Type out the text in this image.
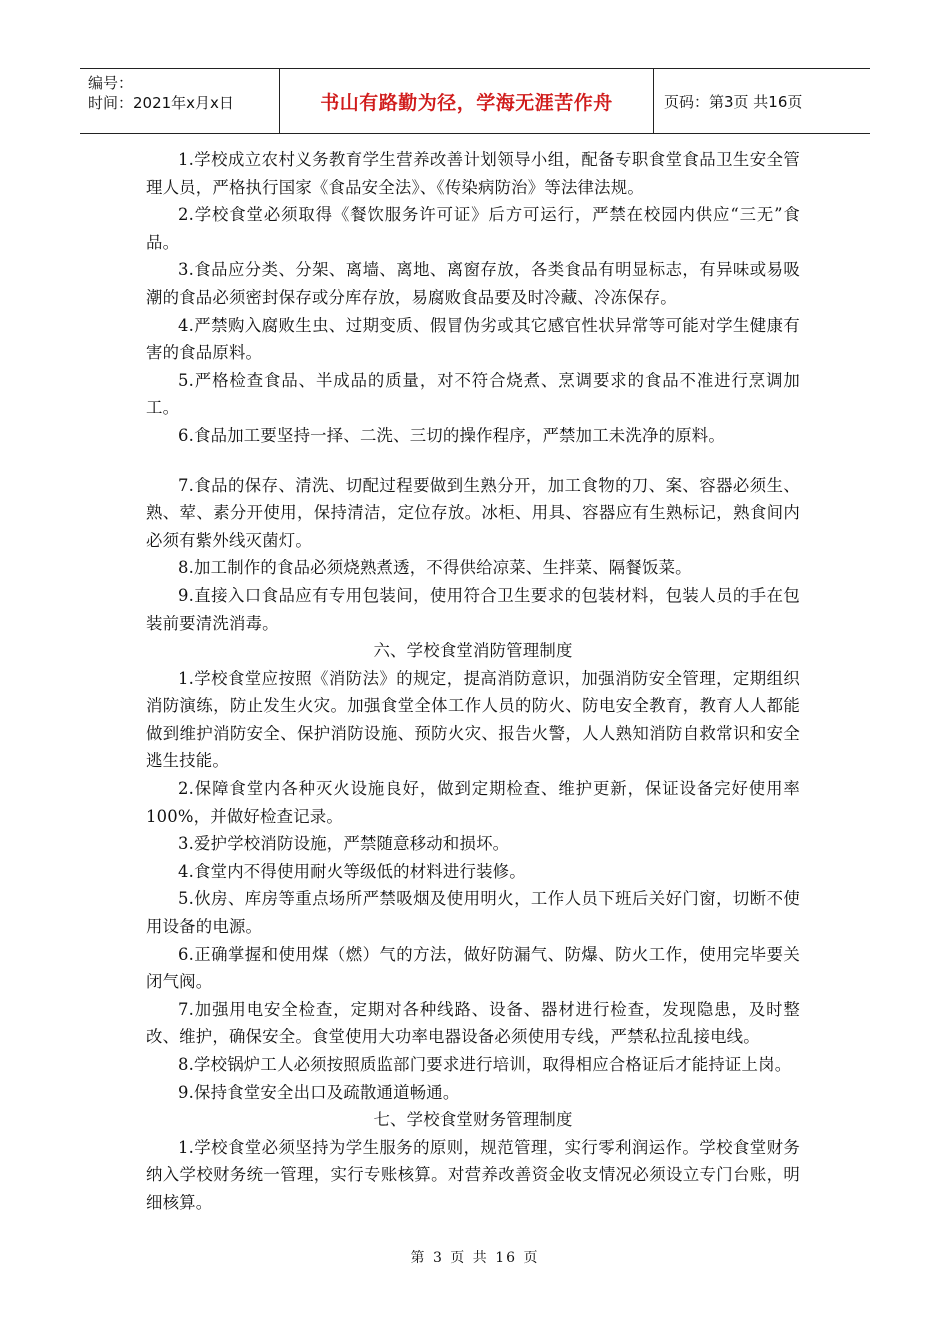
编号：
时间：2021年x月x日	书山有路勤为径，学海无涯苦作舟	页码：第3页 共16页

1.学校成立农村义务教育学生营养改善计划领导小组，配备专职食堂食品卫生安全管理人员，严格执行国家《食品安全法》、《传染病防治》等法律法规。

2.学校食堂必须取得《餐饮服务许可证》后方可运行，严禁在校园内供应“三无”食品。

3.食品应分类、分架、离墙、离地、离窗存放，各类食品有明显标志，有异味或易吸潮的食品必须密封保存或分库存放，易腐败食品要及时冷藏、冷冻保存。

4.严禁购入腐败生虫、过期变质、假冒伪劣或其它感官性状异常等可能对学生健康有害的食品原料。

5.严格检查食品、半成品的质量，对不符合烧煮、烹调要求的食品不准进行烹调加工。

6.食品加工要坚持一择、二洗、三切的操作程序，严禁加工未洗净的原料。

7.食品的保存、清洗、切配过程要做到生熟分开，加工食物的刀、案、容器必须生、熟、荤、素分开使用，保持清洁，定位存放。冰柜、用具、容器应有生熟标记，熟食间内必须有紫外线灭菌灯。

8.加工制作的食品必须烧熟煮透，不得供给凉菜、生拌菜、隔餐饭菜。

9.直接入口食品应有专用包装间，使用符合卫生要求的包装材料，包装人员的手在包装前要清洗消毒。

六、学校食堂消防管理制度

1.学校食堂应按照《消防法》的规定，提高消防意识，加强消防安全管理，定期组织消防演练，防止发生火灾。加强食堂全体工作人员的防火、防电安全教育，教育人人都能做到维护消防安全、保护消防设施、预防火灾、报告火警，人人熟知消防自救常识和安全逃生技能。

2.保障食堂内各种灭火设施良好，做到定期检查、维护更新，保证设备完好使用率100%，并做好检查记录。

3.爱护学校消防设施，严禁随意移动和损坏。

4.食堂内不得使用耐火等级低的材料进行装修。

5.伙房、库房等重点场所严禁吸烟及使用明火，工作人员下班后关好门窗，切断不使用设备的电源。

6.正确掌握和使用煤（燃）气的方法，做好防漏气、防爆、防火工作，使用完毕要关闭气阀。

7.加强用电安全检查，定期对各种线路、设备、器材进行检查，发现隐患，及时整改、维护，确保安全。食堂使用大功率电器设备必须使用专线，严禁私拉乱接电线。

8.学校锅炉工人必须按照质监部门要求进行培训，取得相应合格证后才能持证上岗。

9.保持食堂安全出口及疏散通道畅通。

七、学校食堂财务管理制度

1.学校食堂必须坚持为学生服务的原则，规范管理，实行零利润运作。学校食堂财务纳入学校财务统一管理，实行专账核算。对营养改善资金收支情况必须设立专门台账，明细核算。

第 3 页 共 16 页
